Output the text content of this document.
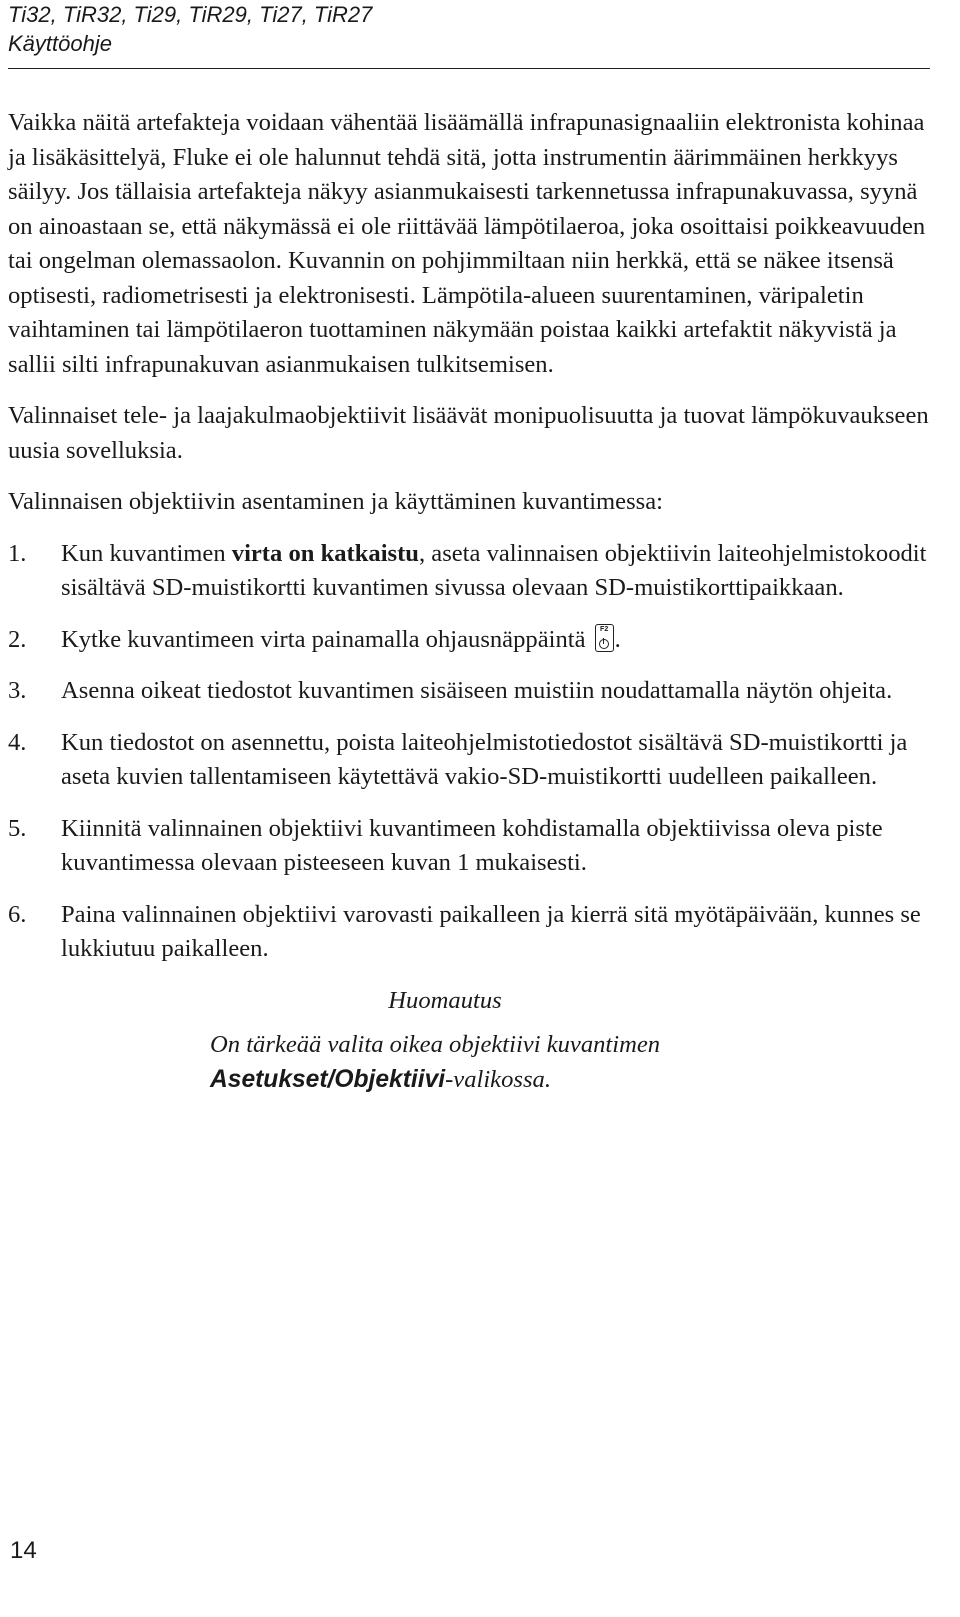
Ti32, TiR32, Ti29, TiR29, Ti27, TiR27
Käyttöohje

Vaikka näitä artefakteja voidaan vähentää lisäämällä infrapunasignaaliin elektronista kohinaa ja lisäkäsittelyä, Fluke ei ole halunnut tehdä sitä, jotta instrumentin äärimmäinen herkkyys säilyy. Jos tällaisia artefakteja näkyy asianmukaisesti tarkennetussa infrapunakuvassa, syynä on ainoastaan se, että näkymässä ei ole riittävää lämpötilaeroa, joka osoittaisi poikkeavuuden tai ongelman olemassaolon. Kuvannin on pohjimmiltaan niin herkkä, että se näkee itsensä optisesti, radiometrisesti ja elektronisesti. Lämpötila-alueen suurentaminen, väripaletin vaihtaminen tai lämpötilaeron tuottaminen näkymään poistaa kaikki artefaktit näkyvistä ja sallii silti infrapunakuvan asianmukaisen tulkitsemisen.

Valinnaiset tele- ja laajakulmaobjektiivit lisäävät monipuolisuutta ja tuovat lämpökuvaukseen uusia sovelluksia.

Valinnaisen objektiivin asentaminen ja käyttäminen kuvantimessa:

1.	Kun kuvantimen virta on katkaistu, aseta valinnaisen objektiivin laiteohjelmistokoodit sisältävä SD-muistikortti kuvantimen sivussa olevaan SD-muistikorttipaikkaan.
2.	Kytke kuvantimeen virta painamalla ohjausnäppäintä	F2 .
3.	Asenna oikeat tiedostot kuvantimen sisäiseen muistiin noudattamalla näytön ohjeita.
4.	Kun tiedostot on asennettu, poista laiteohjelmistotiedostot sisältävä SD-muistikortti ja aseta kuvien tallentamiseen käytettävä vakio-SD-muistikortti uudelleen paikalleen.
5.	Kiinnitä valinnainen objektiivi kuvantimeen kohdistamalla objektiivissa oleva piste kuvantimessa olevaan pisteeseen kuvan 1 mukaisesti.
6.	Paina valinnainen objektiivi varovasti paikalleen ja kierrä sitä myötäpäivään, kunnes se lukkiutuu paikalleen.
Huomautus
On tärkeää valita oikea objektiivi kuvantimen
Asetukset/Objektiivi-valikossa.
14
